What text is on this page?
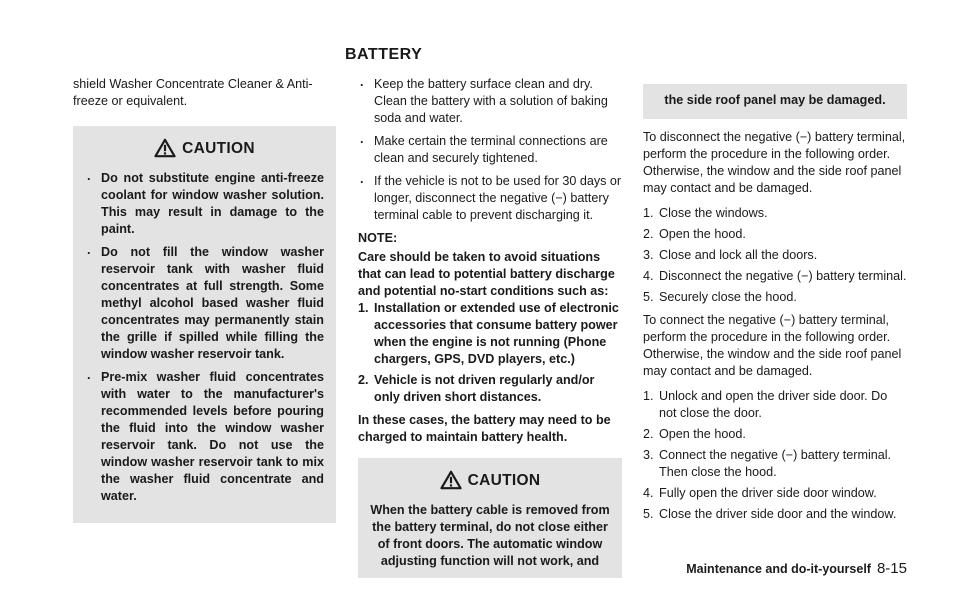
BATTERY

shield Washer Concentrate Cleaner & Anti-freeze or equivalent.

CAUTION
. Do not substitute engine anti-freeze coolant for window washer solution. This may result in damage to the paint.
. Do not fill the window washer reservoir tank with washer fluid concentrates at full strength. Some methyl alcohol based washer fluid concentrates may permanently stain the grille if spilled while filling the window washer reservoir tank.
. Pre-mix washer fluid concentrates with water to the manufacturer's recommended levels before pouring the fluid into the window washer reservoir tank. Do not use the window washer reservoir tank to mix the washer fluid concentrate and water.
. Keep the battery surface clean and dry. Clean the battery with a solution of baking soda and water.
. Make certain the terminal connections are clean and securely tightened.
. If the vehicle is not to be used for 30 days or longer, disconnect the negative (−) battery terminal cable to prevent discharging it.

NOTE:

Care should be taken to avoid situations that can lead to potential battery discharge and potential no-start conditions such as:

1. Installation or extended use of electronic accessories that consume battery power when the engine is not running (Phone chargers, GPS, DVD players, etc.)
2. Vehicle is not driven regularly and/or only driven short distances.

In these cases, the battery may need to be charged to maintain battery health.

CAUTION

When the battery cable is removed from the battery terminal, do not close either of front doors. The automatic window adjusting function will not work, and

the side roof panel may be damaged.

To disconnect the negative (−) battery terminal, perform the procedure in the following order. Otherwise, the window and the side roof panel may contact and be damaged.

1. Close the windows.
2. Open the hood.
3. Close and lock all the doors.
4. Disconnect the negative (−) battery terminal.
5. Securely close the hood.

To connect the negative (−) battery terminal, perform the procedure in the following order. Otherwise, the window and the side roof panel may contact and be damaged.

1. Unlock and open the driver side door. Do not close the door.
2. Open the hood.
3. Connect the negative (−) battery terminal. Then close the hood.
4. Fully open the driver side door window.
5. Close the driver side door and the window.
Maintenance and do-it-yourself 8-15
